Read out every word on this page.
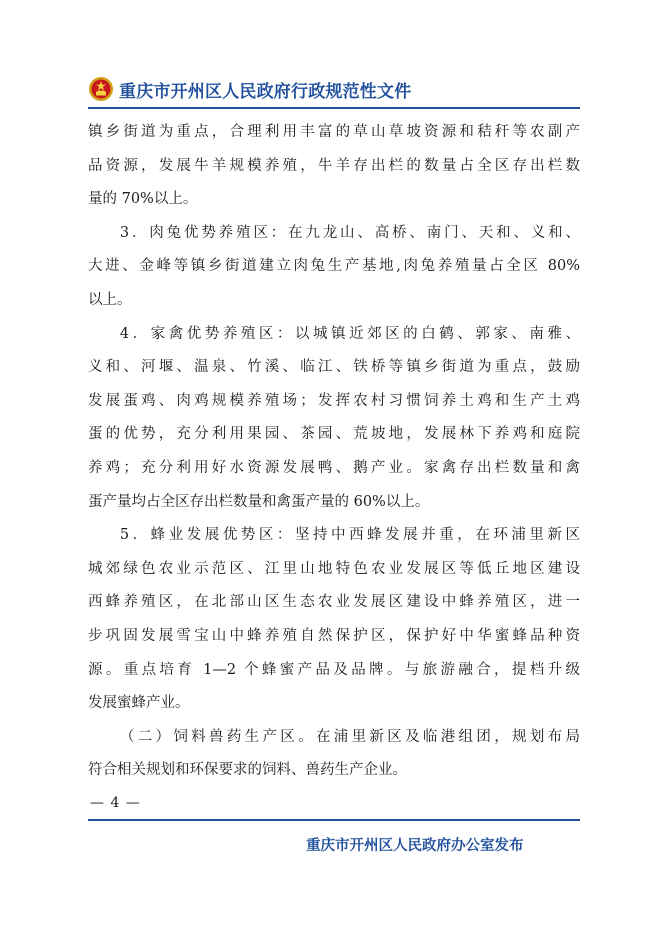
重庆市开州区人民政府行政规范性文件

镇乡街道为重点，合理利用丰富的草山草坡资源和秸秆等农副产
品资源，发展牛羊规模养殖，牛羊存出栏的数量占全区存出栏数
量的 70%以上。

3．肉兔优势养殖区：在九龙山、高桥、南门、天和、义和、
大进、金峰等镇乡街道建立肉兔生产基地,肉兔养殖量占全区 80%
以上。

4．家禽优势养殖区：以城镇近郊区的白鹤、郭家、南雅、
义和、河堰、温泉、竹溪、临江、铁桥等镇乡街道为重点，鼓励
发展蛋鸡、肉鸡规模养殖场；发挥农村习惯饲养土鸡和生产土鸡
蛋的优势，充分利用果园、茶园、荒坡地，发展林下养鸡和庭院
养鸡；充分利用好水资源发展鸭、鹅产业。家禽存出栏数量和禽
蛋产量均占全区存出栏数量和禽蛋产量的 60%以上。

5．蜂业发展优势区：坚持中西蜂发展并重，在环浦里新区
城郊绿色农业示范区、江里山地特色农业发展区等低丘地区建设
西蜂养殖区，在北部山区生态农业发展区建设中蜂养殖区，进一
步巩固发展雪宝山中蜂养殖自然保护区，保护好中华蜜蜂品种资
源。重点培育 1—2 个蜂蜜产品及品牌。与旅游融合，提档升级
发展蜜蜂产业。

（二）饲料兽药生产区。在浦里新区及临港组团，规划布局
符合相关规划和环保要求的饲料、兽药生产企业。

— 4 —
重庆市开州区人民政府办公室发布
